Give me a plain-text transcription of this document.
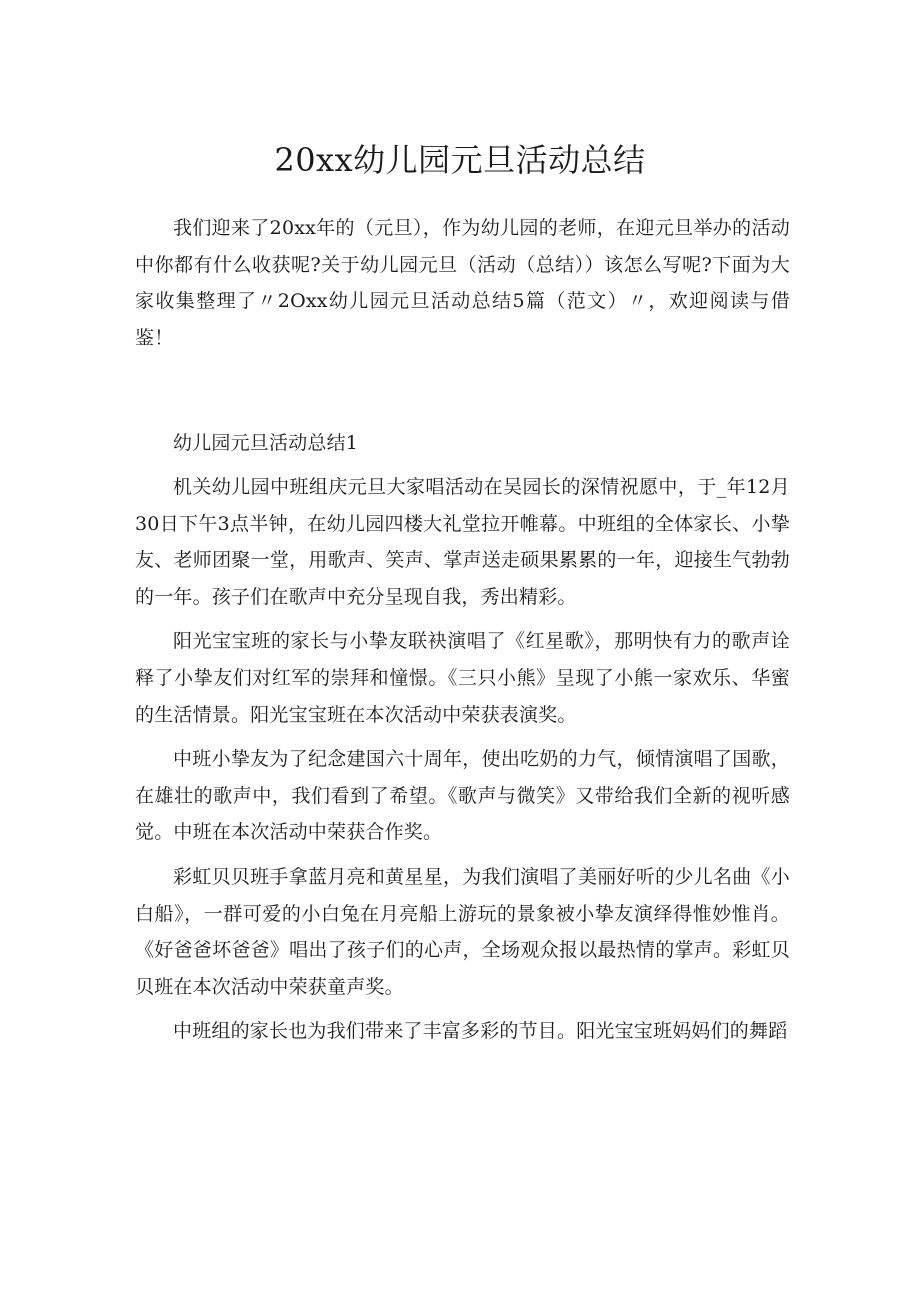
20xx幼儿园元旦活动总结

我们迎来了20xx年的（元旦），作为幼儿园的老师，在迎元旦举办的活动中你都有什么收获呢?关于幼儿园元旦（活动（总结））该怎么写呢?下面为大家收集整理了〃2Oxx幼儿园元旦活动总结5篇（范文）〃，欢迎阅读与借鉴！

幼儿园元旦活动总结1

机关幼儿园中班组庆元旦大家唱活动在吴园长的深情祝愿中，于_年12月30日下午3点半钟，在幼儿园四楼大礼堂拉开帷幕。中班组的全体家长、小挚友、老师团聚一堂，用歌声、笑声、掌声送走硕果累累的一年，迎接生气勃勃的一年。孩子们在歌声中充分呈现自我，秀出精彩。

阳光宝宝班的家长与小挚友联袂演唱了《红星歌》，那明快有力的歌声诠释了小挚友们对红军的崇拜和憧憬。《三只小熊》呈现了小熊一家欢乐、华蜜的生活情景。阳光宝宝班在本次活动中荣获表演奖。

中班小挚友为了纪念建国六十周年，使出吃奶的力气，倾情演唱了国歌，在雄壮的歌声中，我们看到了希望。《歌声与微笑》又带给我们全新的视听感觉。中班在本次活动中荣获合作奖。

彩虹贝贝班手拿蓝月亮和黄星星，为我们演唱了美丽好听的少儿名曲《小白船》，一群可爱的小白兔在月亮船上游玩的景象被小挚友演绎得惟妙惟肖。《好爸爸坏爸爸》唱出了孩子们的心声，全场观众报以最热情的掌声。彩虹贝贝班在本次活动中荣获童声奖。

中班组的家长也为我们带来了丰富多彩的节目。阳光宝宝班妈妈们的舞蹈
